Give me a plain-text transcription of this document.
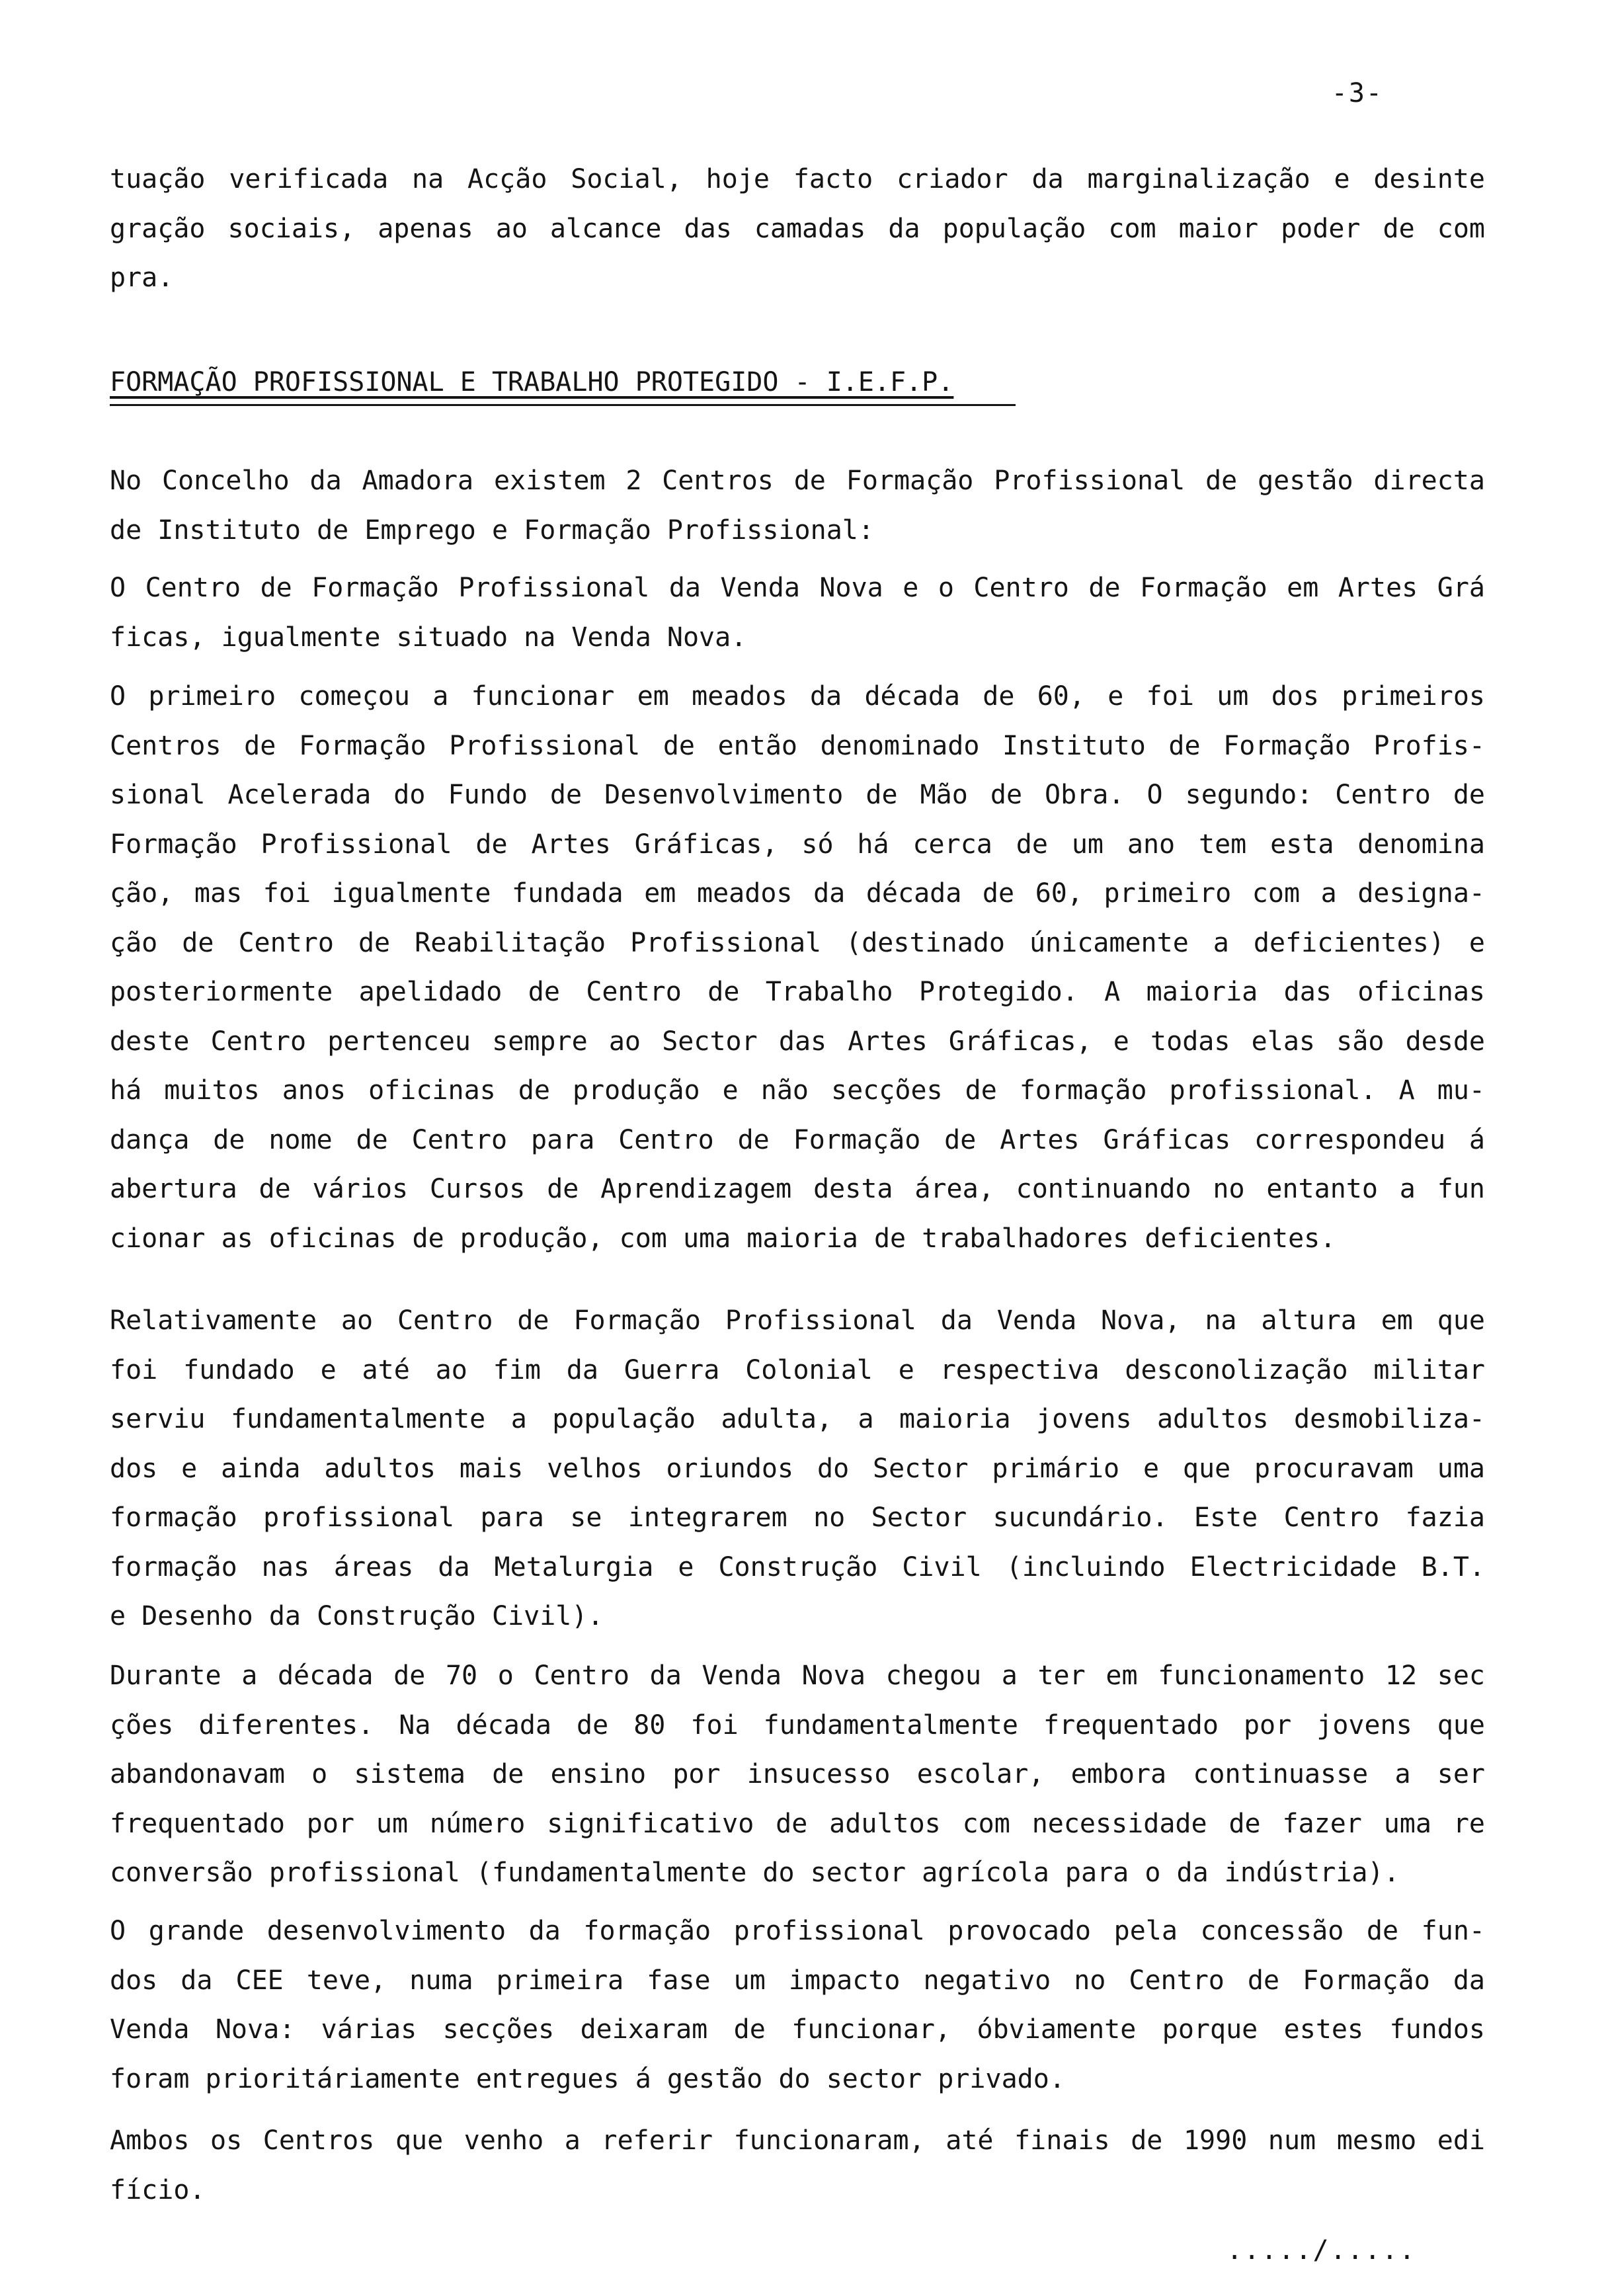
-3-
tuação verificada na Acção Social, hoje facto criador da marginalização e desinte
gração sociais, apenas ao alcance das camadas da população com maior poder de com
pra.
FORMAÇÃO PROFISSIONAL E TRABALHO PROTEGIDO - I.E.F.P.
No Concelho da Amadora existem 2 Centros de Formação Profissional de gestão directa
de Instituto de Emprego e Formação Profissional:
O Centro de Formação Profissional da Venda Nova e o Centro de Formação em Artes Grá
ficas, igualmente situado na Venda Nova.
O primeiro começou a funcionar em meados da década de 60, e foi um dos primeiros
Centros de Formação Profissional de então denominado Instituto de Formação Profis-
sional Acelerada do Fundo de Desenvolvimento de Mão de Obra. O segundo: Centro de
Formação Profissional de Artes Gráficas, só há cerca de um ano tem esta denomina
ção, mas foi igualmente fundada em meados da década de 60, primeiro com a designa-
ção de Centro de Reabilitação Profissional (destinado únicamente a deficientes) e
posteriormente apelidado de Centro de Trabalho Protegido. A maioria das oficinas
deste Centro pertenceu sempre ao Sector das Artes Gráficas, e todas elas são desde
há muitos anos oficinas de produção e não secções de formação profissional. A mu-
dança de nome de Centro para Centro de Formação de Artes Gráficas correspondeu á
abertura de vários Cursos de Aprendizagem desta área, continuando no entanto a fun
cionar as oficinas de produção, com uma maioria de trabalhadores deficientes.
Relativamente ao Centro de Formação Profissional da Venda Nova, na altura em que
foi fundado e até ao fim da Guerra Colonial e respectiva desconolização militar
serviu fundamentalmente a população adulta, a maioria jovens adultos desmobiliza-
dos e ainda adultos mais velhos oriundos do Sector primário e que procuravam uma
formação profissional para se integrarem no Sector sucundário. Este Centro fazia
formação nas áreas da Metalurgia e Construção Civil (incluindo Electricidade B.T.
e Desenho da Construção Civil).
Durante a década de 70 o Centro da Venda Nova chegou a ter em funcionamento 12 sec
ções diferentes. Na década de 80 foi fundamentalmente frequentado por jovens que
abandonavam o sistema de ensino por insucesso escolar, embora continuasse a ser
frequentado por um número significativo de adultos com necessidade de fazer uma re
conversão profissional (fundamentalmente do sector agrícola para o da indústria).
O grande desenvolvimento da formação profissional provocado pela concessão de fun-
dos da CEE teve, numa primeira fase um impacto negativo no Centro de Formação da
Venda Nova: várias secções deixaram de funcionar, óbviamente porque estes fundos
foram prioritáriamente entregues á gestão do sector privado.
Ambos os Centros que venho a referir funcionaram, até finais de 1990 num mesmo edi
fício.
...../.....
